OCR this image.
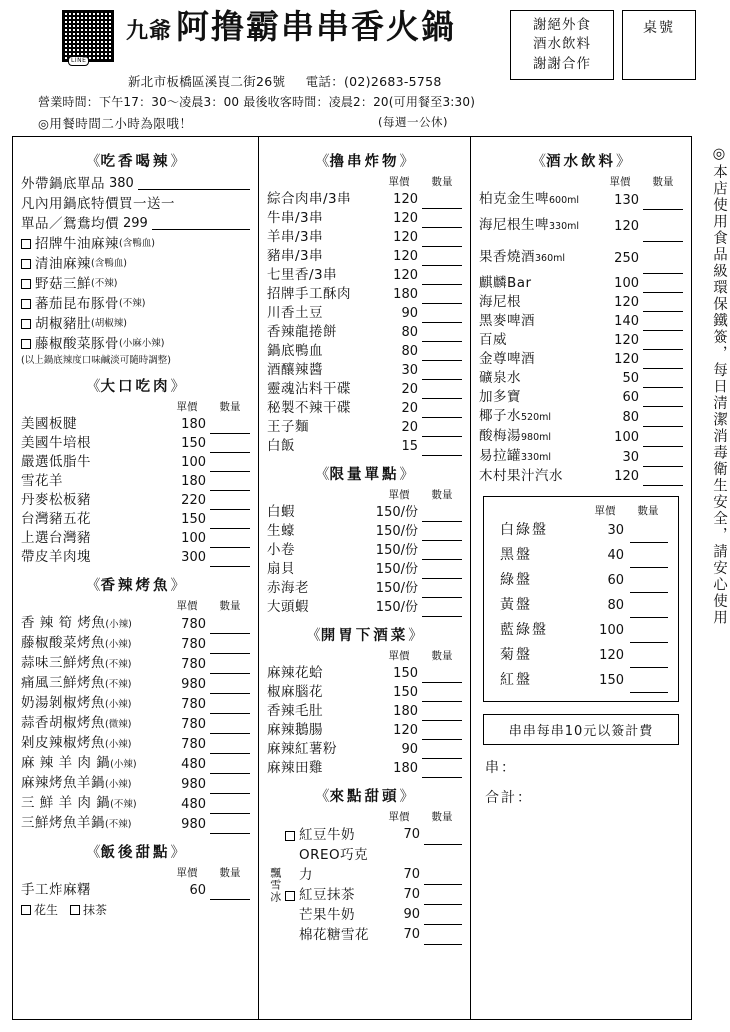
LINE
九爺 阿撸霸串串香火鍋
新北市板橋區溪崀二街26號 電話：(02)2683-5758
營業時間：下午17：30～凌晨3：00 最後收客時間：凌晨2：20(可用餐至3:30)
(每週一公休)
◎用餐時間二小時為限哦！
謝絕外食
酒水飲料
謝謝合作
桌號
◎本店使用食品級環保鐵簽，每日清潔消毒衛生安全，請安心使用
《吃香喝辣》
外帶鍋底單品 380
凡內用鍋底特價買一送一
單品／鴛鴦均價 299
招牌牛油麻辣 (含鴨血)
清油麻辣 (含鴨血)
野菇三鮮 (不辣)
蕃茄昆布豚骨 (不辣)
胡椒豬肚 (胡椒辣)
藤椒酸菜豚骨 (小麻小辣)
(以上鍋底辣度口味鹹淡可隨時調整)
《大口吃肉》
單價	數量
美國板腱	180
美國牛培根	150
嚴選低脂牛	100
雪花羊	180
丹麥松板豬	220
台灣豬五花	150
上選台灣豬	100
帶皮羊肉塊	300
《香辣烤魚》
單價	數量
香 辣 筍 烤魚(小辣)	780
藤椒酸菜烤魚(小辣)	780
蒜味三鮮烤魚(不辣)	780
痛風三鮮烤魚(不辣)	980
奶湯剝椒烤魚(小辣)	780
蒜香胡椒烤魚(微辣)	780
剁皮辣椒烤魚(小辣)	780
麻 辣 羊 肉 鍋(小辣)	480
麻辣烤魚羊鍋(小辣)	980
三 鮮 羊 肉 鍋(不辣)	480
三鮮烤魚羊鍋(不辣)	980
《飯後甜點》
單價	數量
手工炸麻糬	60
花生 抹茶
《擼串炸物》
單價	數量
綜合肉串/3串	120
牛串/3串	120
羊串/3串	120
豬串/3串	120
七里香/3串	120
招牌手工酥肉	180
川香土豆	90
香辣龍捲餅	80
鍋底鴨血	80
酒釀辣醬	30
靈魂沾料干碟	20
秘製不辣干碟	20
王子麵	20
白飯	15
《限量單點》
單價	數量
白蝦	150/份
生蠔	150/份
小卷	150/份
扇貝	150/份
赤海老	150/份
大頭蝦	150/份
《開胃下酒菜》
單價	數量
麻辣花蛤	150
椒麻腦花	150
香辣毛肚	180
麻辣鵝腸	120
麻辣紅薯粉	90
麻辣田雞	180
《來點甜頭》
單價	數量
飄雪冰
紅豆牛奶	70
OREO巧克力	70
紅豆抹茶	70
芒果牛奶	90
棉花糖雪花	70
《酒水飲料》
單價	數量
柏克金生啤600ml	130
海尼根生啤330ml	120
果香燒酒360ml	250
麒麟Bar	100
海尼根	120
黑麥啤酒	140
百威	120
金尊啤酒	120
礦泉水	50
加多寶	60
椰子水520ml	80
酸梅湯980ml	100
易拉罐330ml	30
木村果汁汽水	120
單價	數量
白綠盤	30
黑盤	40
綠盤	60
黃盤	80
藍綠盤	100
菊盤	120
紅盤	150
串串每串10元以簽計費
串：
合計：
